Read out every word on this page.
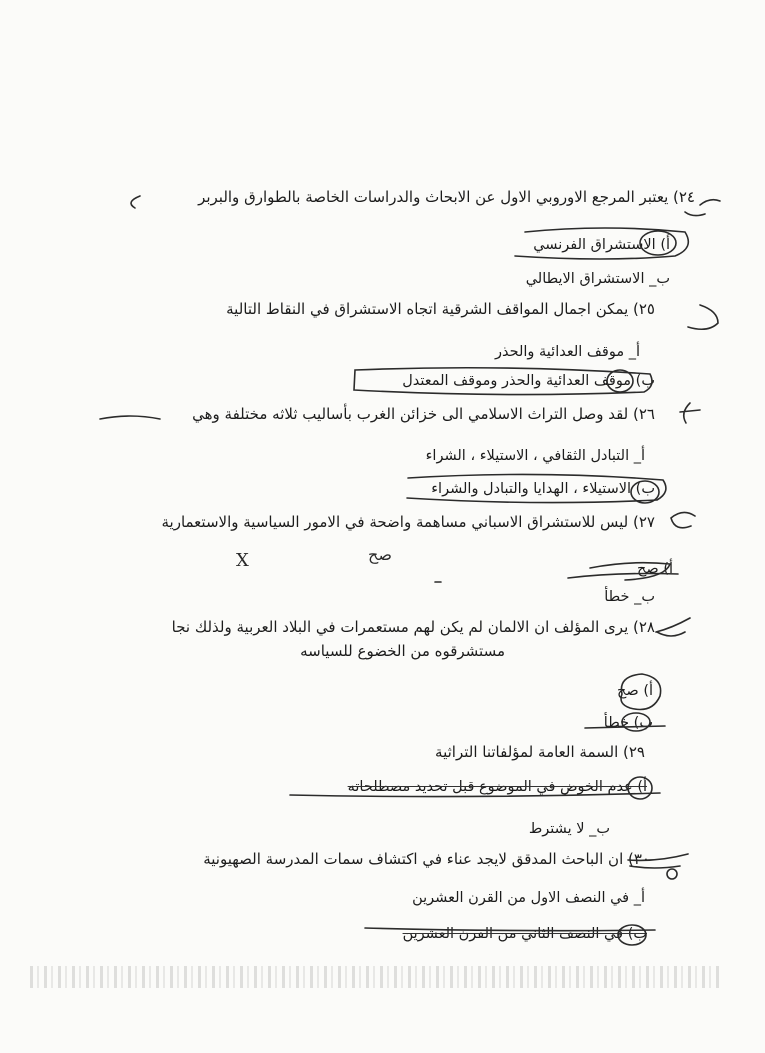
٢٤) يعتبر المرجع الاوروبي الاول عن الابحاث والدراسات الخاصة بالطوارق والبربر
أ) الاستشراق الفرنسي
ب_ الاستشراق الايطالي
٢٥) يمكن اجمال المواقف الشرقية اتجاه الاستشراق في النقاط التالية
أ_ موقف العدائية والحذر
ب) موقف العدائية والحذر وموقف المعتدل
٢٦) لقد وصل التراث الاسلامي الى خزائن الغرب بأساليب ثلاثه مختلفة وهي
أ_ التبادل الثقافي ، الاستيلاء ، الشراء
ب) الاستيلاء ، الهدايا والتبادل والشراء
٢٧) ليس للاستشراق الاسباني مساهمة واضحة في الامور السياسية والاستعمارية
أ) صح
ب_ خطأ
٢٨) يرى المؤلف ان الالمان لم يكن لهم مستعمرات في البلاد العربية ولذلك نجا
مستشرقوه من الخضوع للسياسه
أ) صح
ب) خطأ
٢٩) السمة العامة لمؤلفاتنا التراثية
أ) عدم الخوض في الموضوع قبل تحديد مصطلحاته
ب_ لا يشترط
٣٠) ان الباحث المدقق لايجد عناء في اكتشاف سمات المدرسة الصهيونية
أ_ في النصف الاول من القرن العشرين
ب) في النصف الثاني من القرن العشرين
صح
X
